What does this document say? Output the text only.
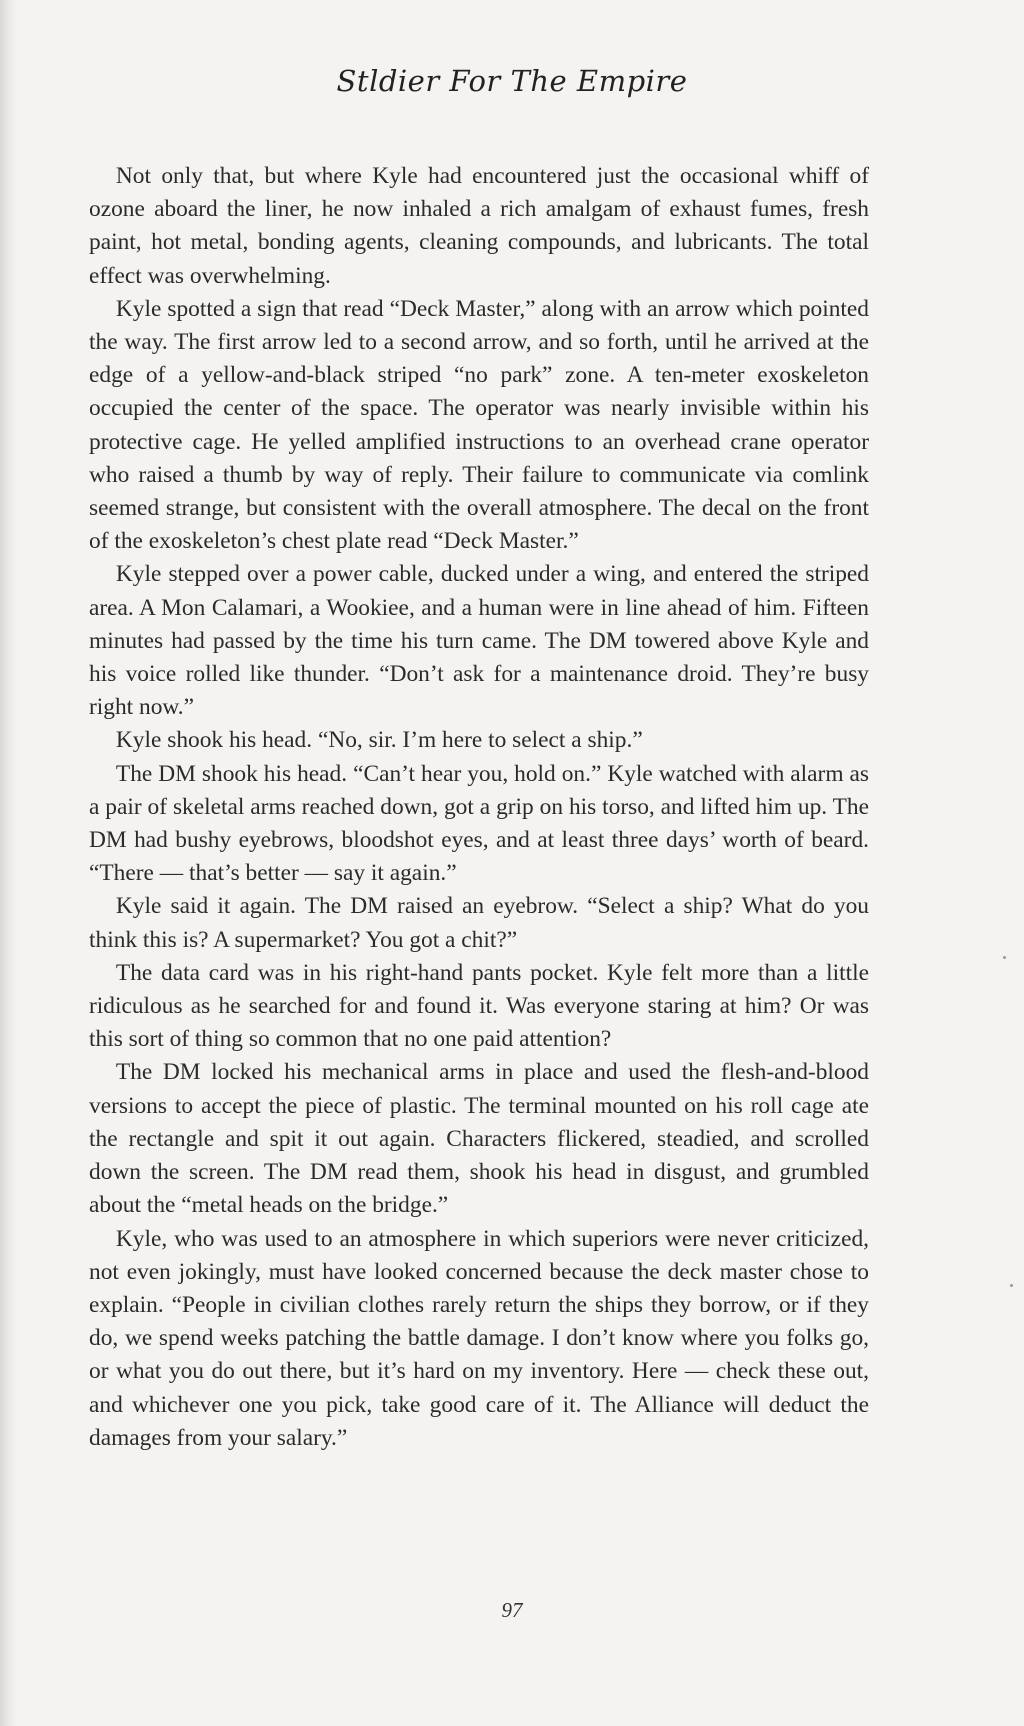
Stldier For The Empire

Not only that, but where Kyle had encountered just the occasional whiff of ozone aboard the liner, he now inhaled a rich amalgam of exhaust fumes, fresh paint, hot metal, bonding agents, cleaning compounds, and lubricants. The total effect was overwhelming.

Kyle spotted a sign that read “Deck Master,” along with an arrow which pointed the way. The first arrow led to a second arrow, and so forth, until he arrived at the edge of a yellow-and-black striped “no park” zone. A ten-meter exoskeleton occupied the center of the space. The operator was nearly invisible within his protective cage. He yelled amplified instructions to an overhead crane operator who raised a thumb by way of reply. Their failure to communicate via comlink seemed strange, but consistent with the overall atmosphere. The decal on the front of the exoskeleton’s chest plate read “Deck Master.”

Kyle stepped over a power cable, ducked under a wing, and entered the striped area. A Mon Calamari, a Wookiee, and a human were in line ahead of him. Fifteen minutes had passed by the time his turn came. The DM towered above Kyle and his voice rolled like thunder. “Don’t ask for a maintenance droid. They’re busy right now.”

Kyle shook his head. “No, sir. I’m here to select a ship.”

The DM shook his head. “Can’t hear you, hold on.” Kyle watched with alarm as a pair of skeletal arms reached down, got a grip on his torso, and lifted him up. The DM had bushy eyebrows, bloodshot eyes, and at least three days’ worth of beard. “There — that’s better — say it again.”

Kyle said it again. The DM raised an eyebrow. “Select a ship? What do you think this is? A supermarket? You got a chit?”

The data card was in his right-hand pants pocket. Kyle felt more than a little ridiculous as he searched for and found it. Was everyone staring at him? Or was this sort of thing so common that no one paid attention?

The DM locked his mechanical arms in place and used the flesh-and-blood versions to accept the piece of plastic. The terminal mounted on his roll cage ate the rectangle and spit it out again. Characters flickered, steadied, and scrolled down the screen. The DM read them, shook his head in disgust, and grumbled about the “metal heads on the bridge.”

Kyle, who was used to an atmosphere in which superiors were never criticized, not even jokingly, must have looked concerned because the deck master chose to explain. “People in civilian clothes rarely return the ships they borrow, or if they do, we spend weeks patching the battle damage. I don’t know where you folks go, or what you do out there, but it’s hard on my inventory. Here — check these out, and whichever one you pick, take good care of it. The Alliance will deduct the damages from your salary.”

97
